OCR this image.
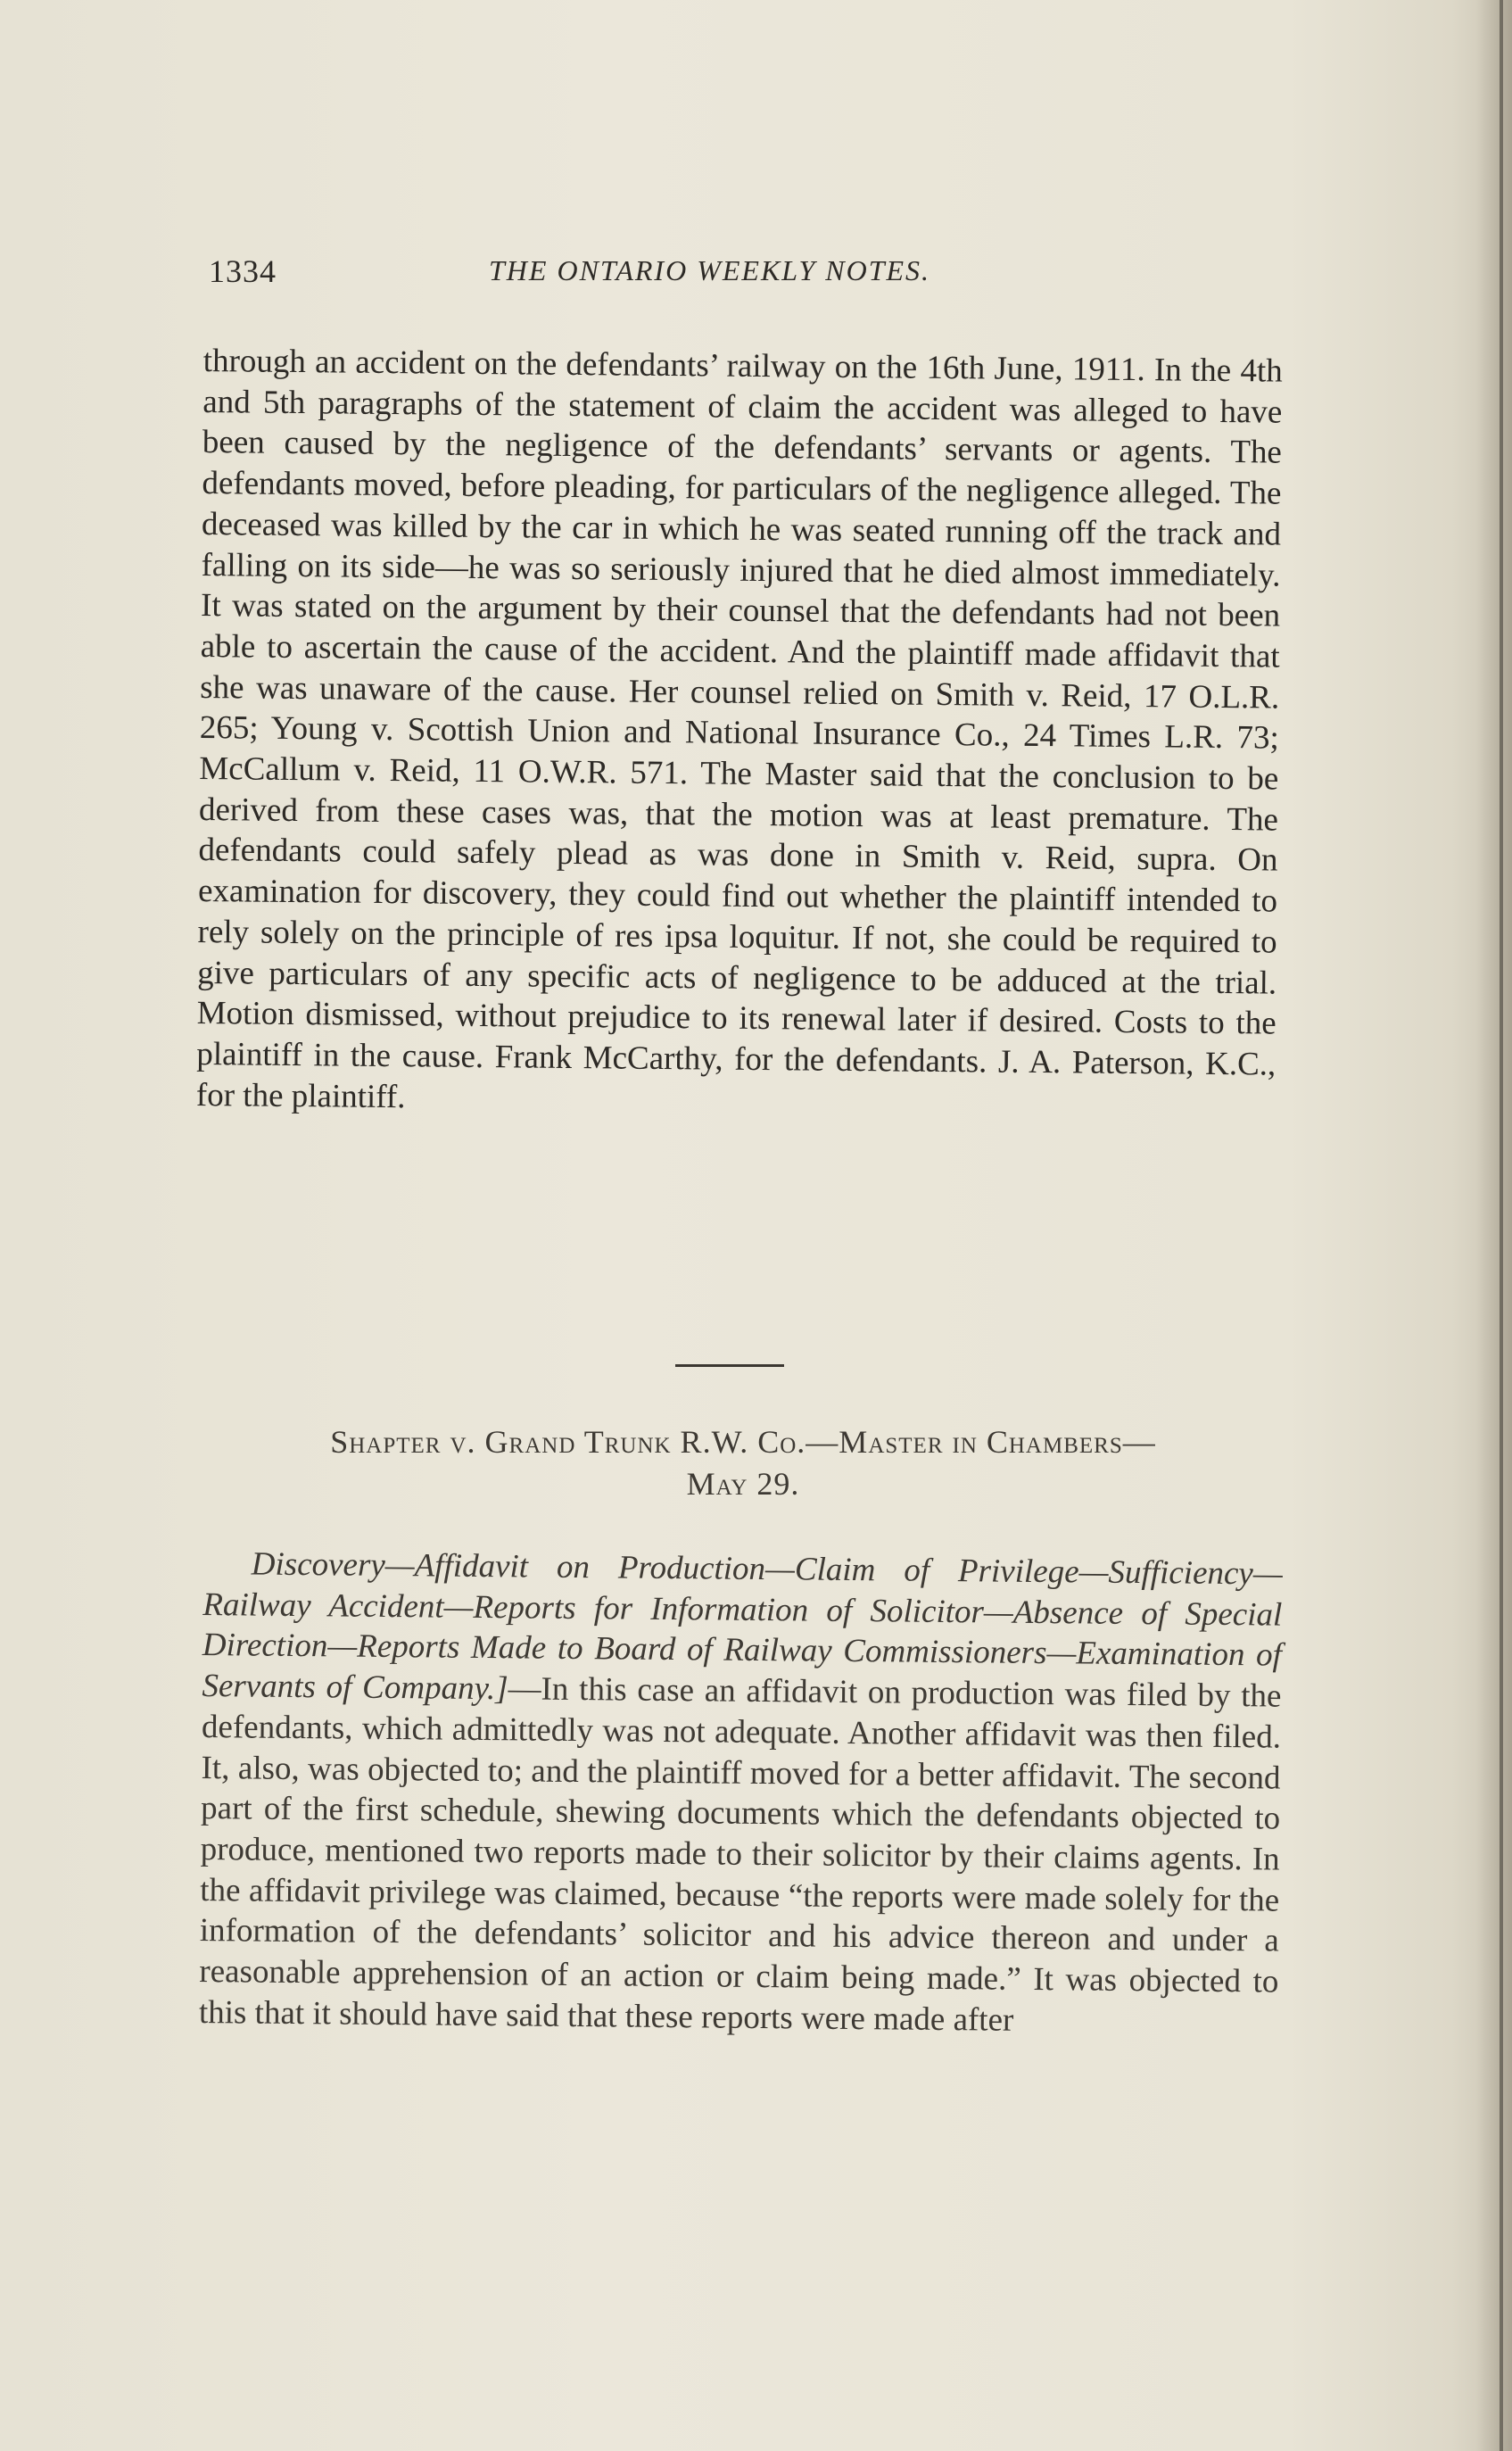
1334	THE ONTARIO WEEKLY NOTES.

through an accident on the defendants’ railway on the 16th June, 1911. In the 4th and 5th paragraphs of the statement of claim the accident was alleged to have been caused by the negligence of the defendants’ servants or agents. The defendants moved, before pleading, for particulars of the negligence alleged. The deceased was killed by the car in which he was seated running off the track and falling on its side—he was so seriously injured that he died almost immediately. It was stated on the argument by their counsel that the defendants had not been able to ascertain the cause of the accident. And the plaintiff made affidavit that she was unaware of the cause. Her counsel relied on Smith v. Reid, 17 O.L.R. 265; Young v. Scottish Union and National Insurance Co., 24 Times L.R. 73; McCallum v. Reid, 11 O.W.R. 571. The Master said that the conclusion to be derived from these cases was, that the motion was at least premature. The defendants could safely plead as was done in Smith v. Reid, supra. On examination for discovery, they could find out whether the plaintiff intended to rely solely on the principle of res ipsa loquitur. If not, she could be required to give particulars of any specific acts of negligence to be adduced at the trial. Motion dismissed, without prejudice to its renewal later if desired. Costs to the plaintiff in the cause. Frank McCarthy, for the defendants. J. A. Paterson, K.C., for the plaintiff.

Shapter v. Grand Trunk R.W. Co.—Master in Chambers—
May 29.

Discovery—Affidavit on Production—Claim of Privilege—Sufficiency—Railway Accident—Reports for Information of Solicitor—Absence of Special Direction—Reports Made to Board of Railway Commissioners—Examination of Servants of Company.]—In this case an affidavit on production was filed by the defendants, which admittedly was not adequate. Another affidavit was then filed. It, also, was objected to; and the plaintiff moved for a better affidavit. The second part of the first schedule, shewing documents which the defendants objected to produce, mentioned two reports made to their solicitor by their claims agents. In the affidavit privilege was claimed, because “the reports were made solely for the information of the defendants’ solicitor and his advice thereon and under a reasonable apprehension of an action or claim being made.” It was objected to this that it should have said that these reports were made after
